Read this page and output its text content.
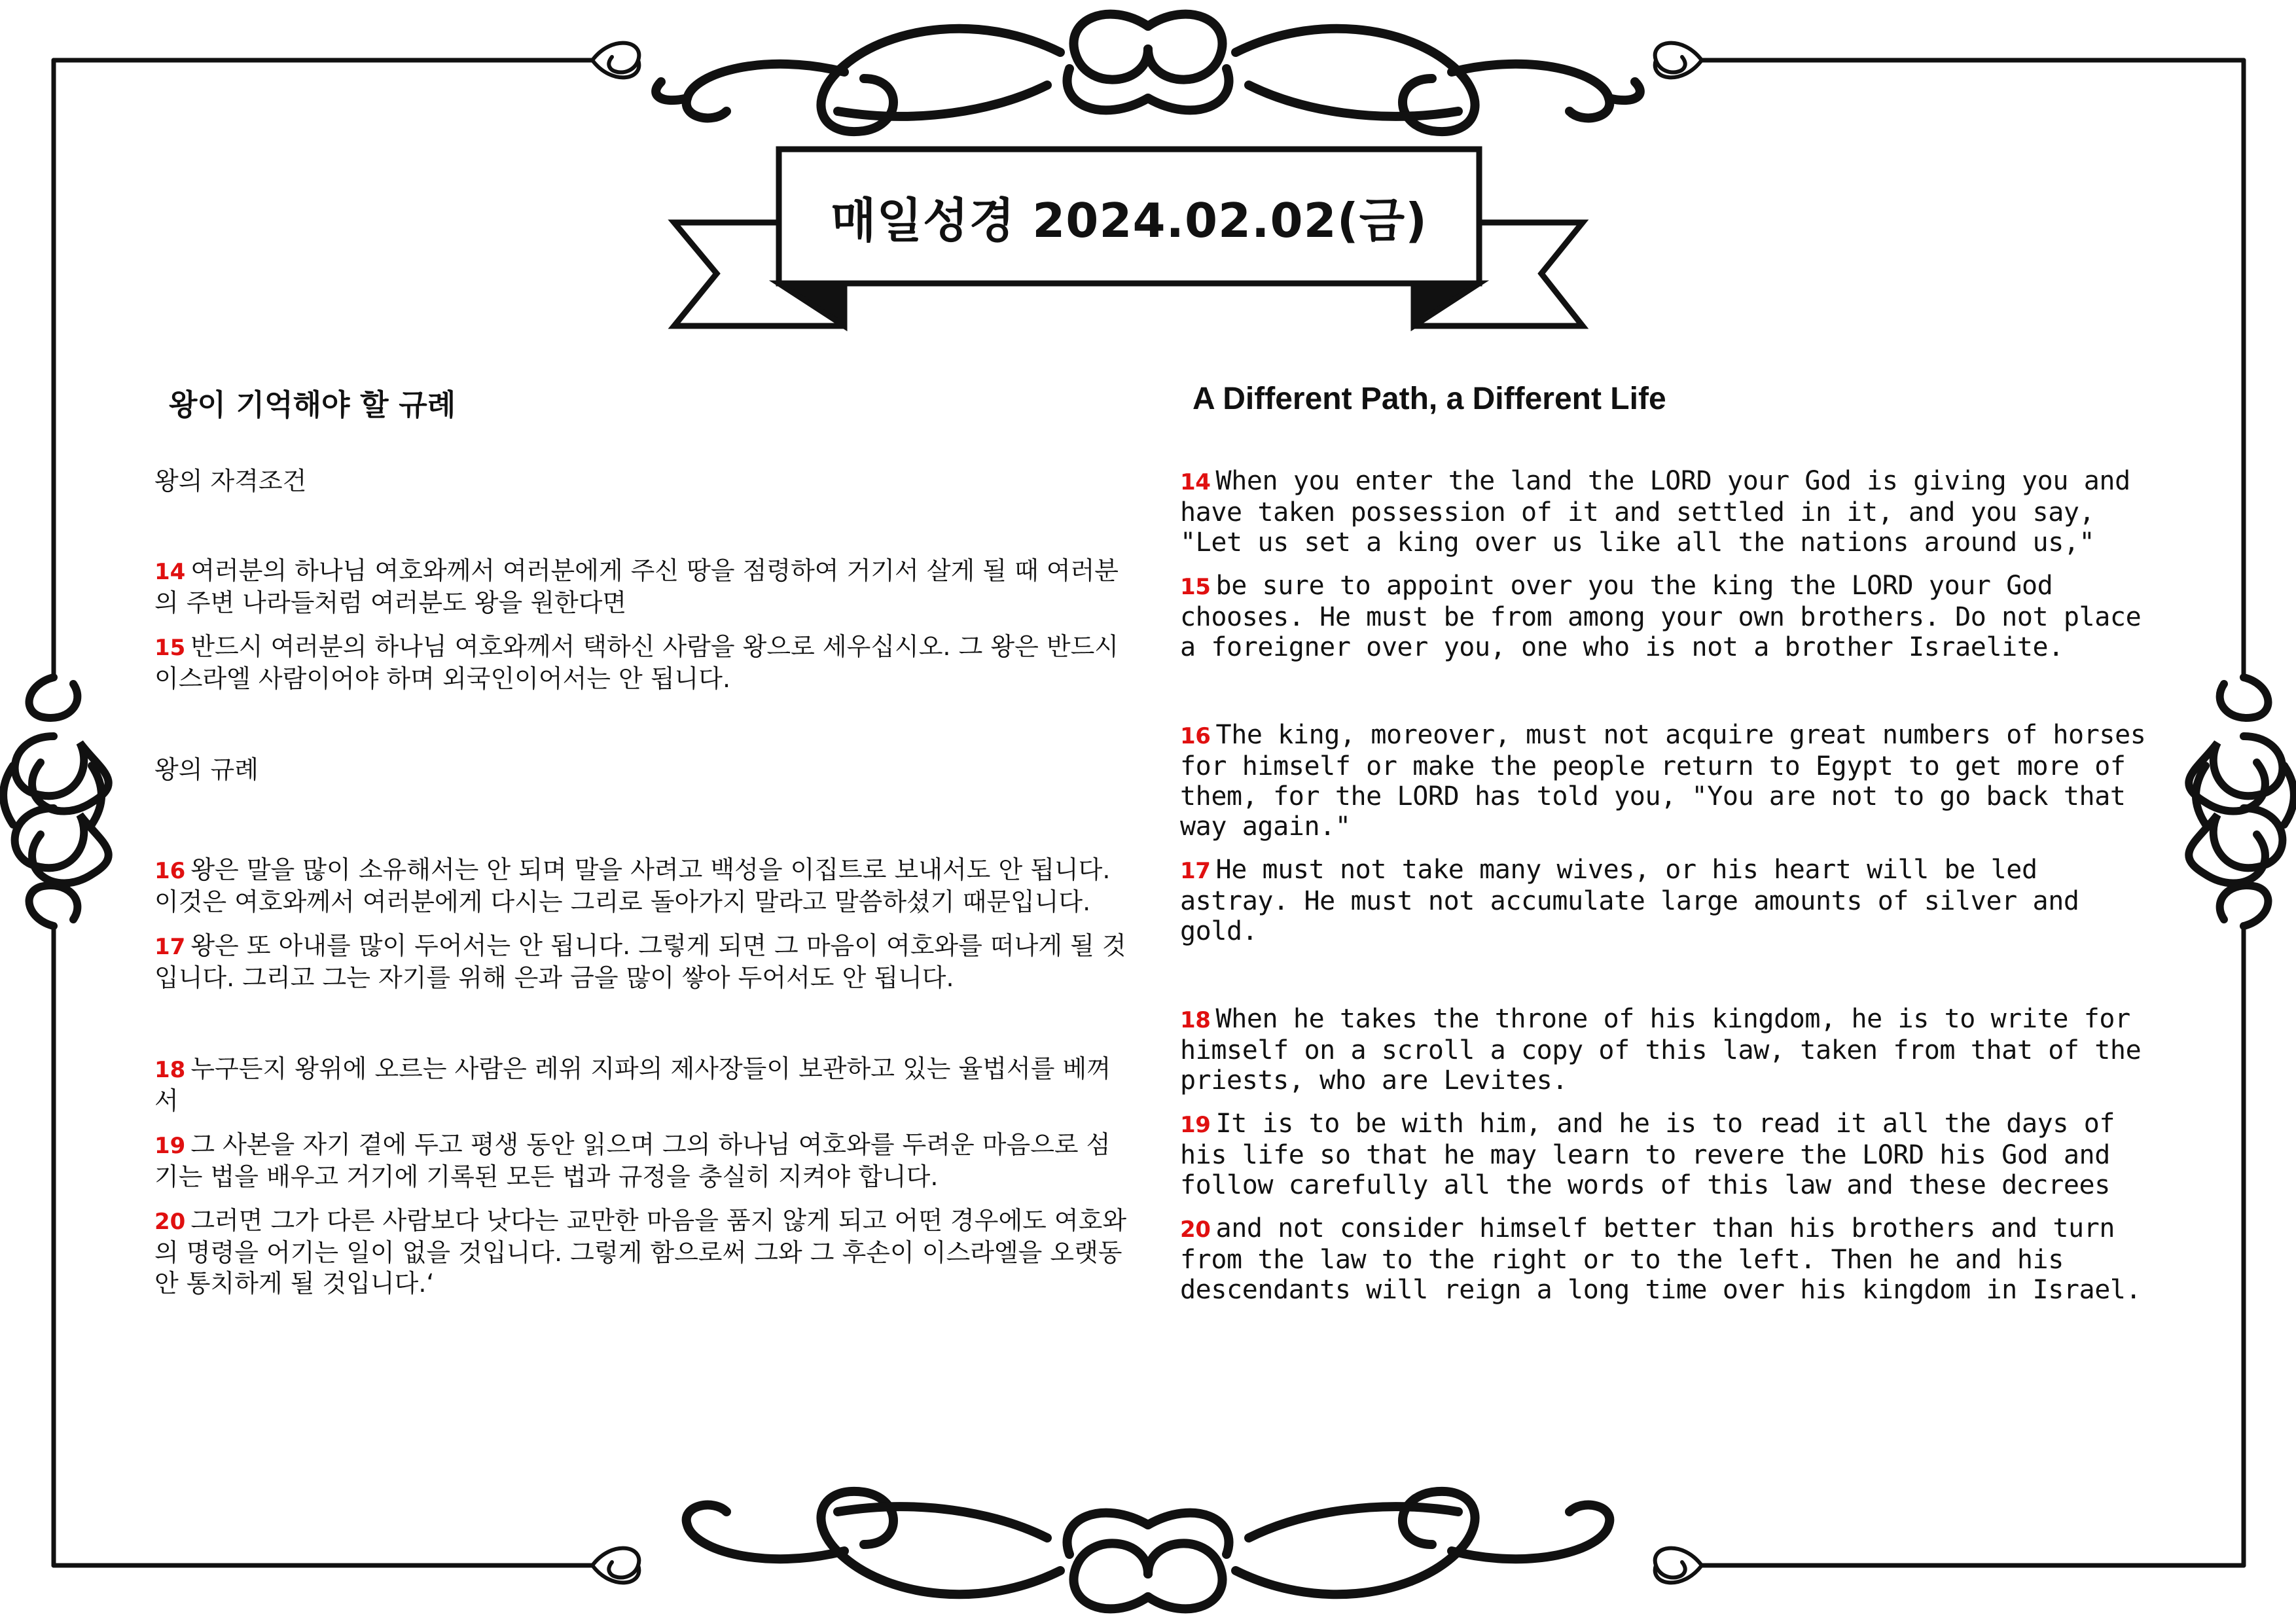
매일성경 2024.02.02(금)
왕이 기억해야 할 규례	A Different Path, a Different Life

왕의 자격조건

14 여러분의 하나님 여호와께서 여러분에게 주신 땅을 점령하여 거기서 살게 될 때 여러분의 주변 나라들처럼 여러분도 왕을 원한다면

15 반드시 여러분의 하나님 여호와께서 택하신 사람을 왕으로 세우십시오. 그 왕은 반드시 이스라엘 사람이어야 하며 외국인이어서는 안 됩니다.

왕의 규례

16 왕은 말을 많이 소유해서는 안 되며 말을 사려고 백성을 이집트로 보내서도 안 됩니다. 이것은 여호와께서 여러분에게 다시는 그리로 돌아가지 말라고 말씀하셨기 때문입니다.

17 왕은 또 아내를 많이 두어서는 안 됩니다. 그렇게 되면 그 마음이 여호와를 떠나게 될 것입니다. 그리고 그는 자기를 위해 은과 금을 많이 쌓아 두어서도 안 됩니다.

18 누구든지 왕위에 오르는 사람은 레위 지파의 제사장들이 보관하고 있는 율법서를 베껴서

19 그 사본을 자기 곁에 두고 평생 동안 읽으며 그의 하나님 여호와를 두려운 마음으로 섬기는 법을 배우고 거기에 기록된 모든 법과 규정을 충실히 지켜야 합니다.

20 그러면 그가 다른 사람보다 낫다는 교만한 마음을 품지 않게 되고 어떤 경우에도 여호와의 명령을 어기는 일이 없을 것입니다. 그렇게 함으로써 그와 그 후손이 이스라엘을 오랫동안 통치하게 될 것입니다.‘

14 When you enter the land the LORD your God is giving you and have taken possession of it and settled in it, and you say, "Let us set a king over us like all the nations around us,"

15 be sure to appoint over you the king the LORD your God chooses. He must be from among your own brothers. Do not place a foreigner over you, one who is not a brother Israelite.

16 The king, moreover, must not acquire great numbers of horses for himself or make the people return to Egypt to get more of them, for the LORD has told you, "You are not to go back that way again."

17 He must not take many wives, or his heart will be led astray. He must not accumulate large amounts of silver and gold.

18 When he takes the throne of his kingdom, he is to write for himself on a scroll a copy of this law, taken from that of the priests, who are Levites.

19 It is to be with him, and he is to read it all the days of his life so that he may learn to revere the LORD his God and follow carefully all the words of this law and these decrees

20 and not consider himself better than his brothers and turn from the law to the right or to the left. Then he and his descendants will reign a long time over his kingdom in Israel.
